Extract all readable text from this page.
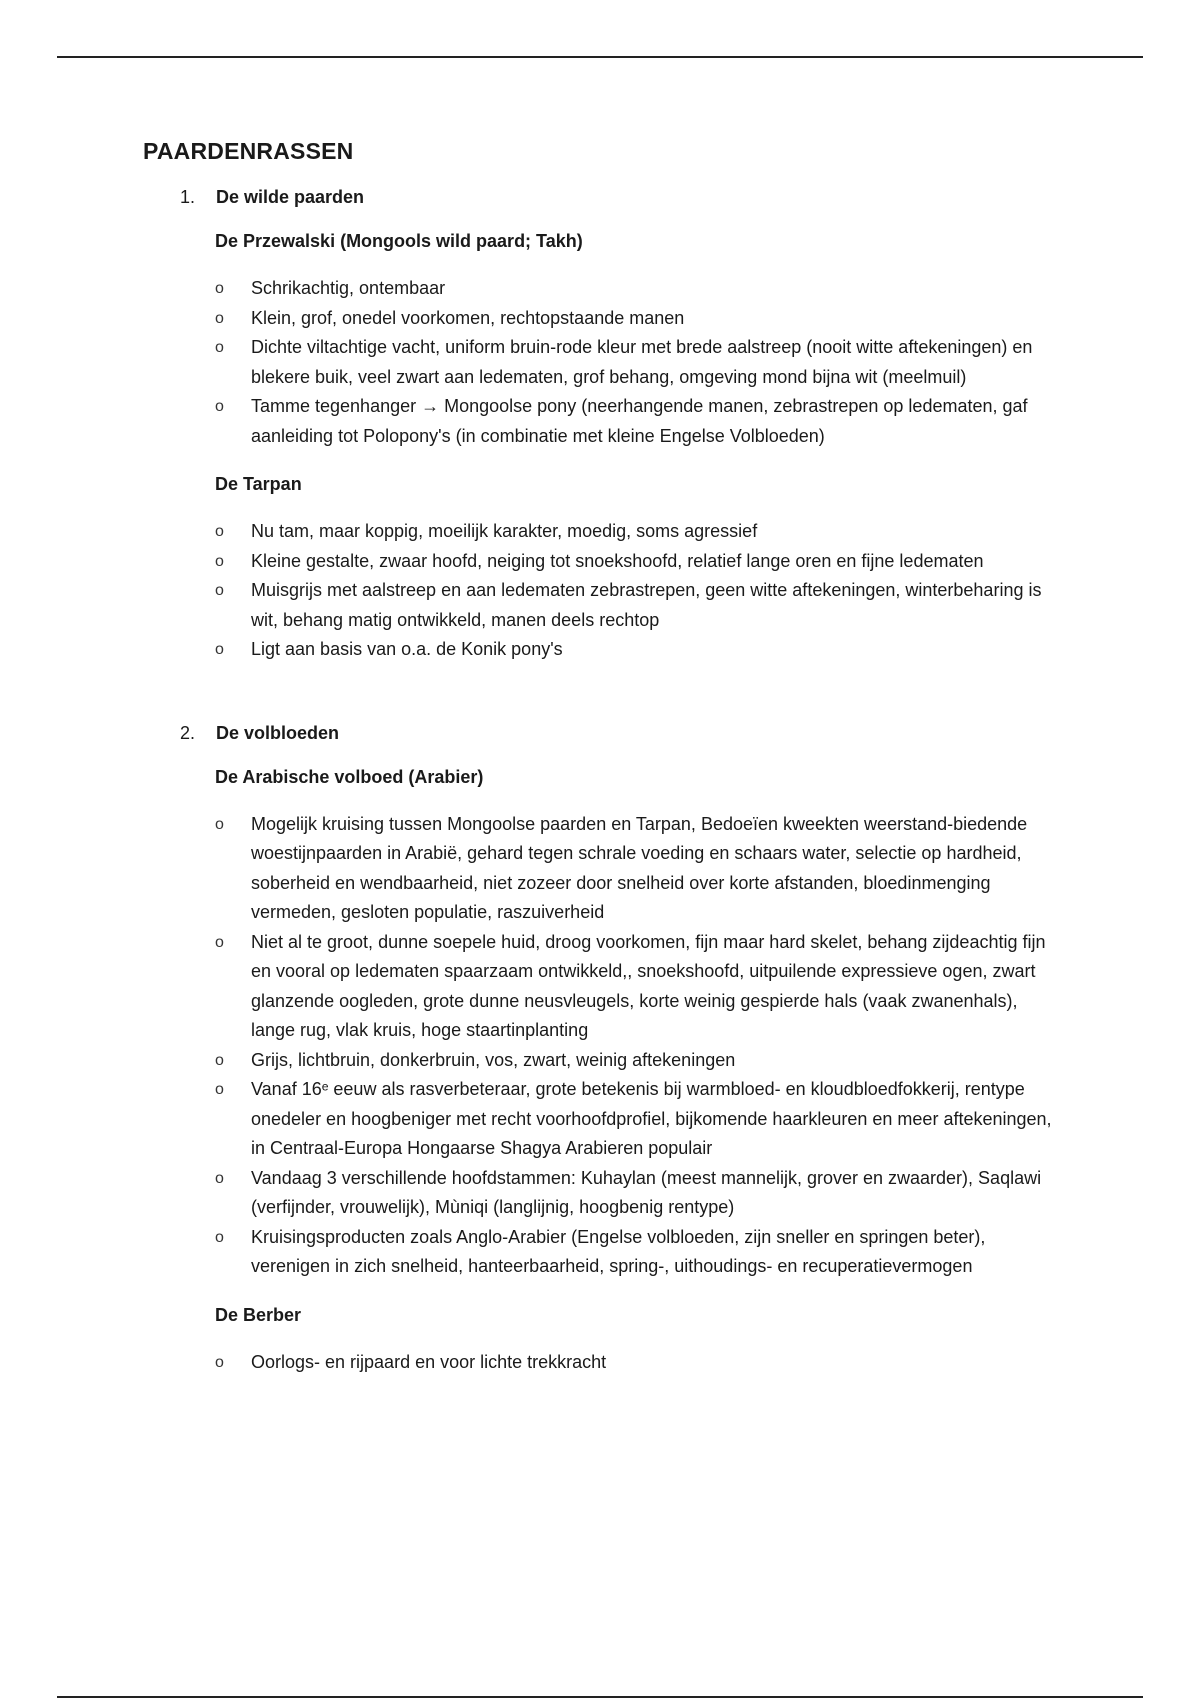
PAARDENRASSEN
1.	De wilde paarden
De Przewalski (Mongools wild paard; Takh)
o	Schrikachtig, ontembaar
o	Klein, grof, onedel voorkomen, rechtopstaande manen
o	Dichte viltachtige vacht, uniform bruin-rode kleur met brede aalstreep (nooit witte aftekeningen) en blekere buik, veel zwart aan ledematen, grof behang, omgeving mond bijna wit (meelmuil)
o	Tamme tegenhanger → Mongoolse pony (neerhangende manen, zebrastrepen op ledematen, gaf aanleiding tot Polopony's (in combinatie met kleine Engelse Volbloeden)
De Tarpan
o	Nu tam, maar koppig, moeilijk karakter, moedig, soms agressief
o	Kleine gestalte, zwaar hoofd, neiging tot snoekshoofd, relatief lange oren en fijne ledematen
o	Muisgrijs met aalstreep en aan ledematen zebrastrepen, geen witte aftekeningen, winterbeharing is wit, behang matig ontwikkeld, manen deels rechtop
o	Ligt aan basis van o.a. de Konik pony's
2.	De volbloeden
De Arabische volboed (Arabier)
o	Mogelijk kruising tussen Mongoolse paarden en Tarpan, Bedoeïen kweekten weerstand-biedende woestijnpaarden in Arabië, gehard tegen schrale voeding en schaars water, selectie op hardheid, soberheid en wendbaarheid, niet zozeer door snelheid over korte afstanden, bloedinmenging vermeden, gesloten populatie, raszuiverheid
o	Niet al te groot, dunne soepele huid, droog voorkomen, fijn maar hard skelet, behang zijdeachtig fijn en vooral op ledematen spaarzaam ontwikkeld,, snoekshoofd, uitpuilende expressieve ogen, zwart glanzende oogleden, grote dunne neusvleugels, korte weinig gespierde hals (vaak zwanenhals), lange rug, vlak kruis, hoge staartinplanting
o	Grijs, lichtbruin, donkerbruin, vos, zwart, weinig aftekeningen
o	Vanaf 16ᵉ eeuw als rasverbeteraar, grote betekenis bij warmbloed- en kloudbloedfokkerij, rentype onedeler en hoogbeniger met recht voorhoofdprofiel, bijkomende haarkleuren en meer aftekeningen, in Centraal-Europa Hongaarse Shagya Arabieren populair
o	Vandaag 3 verschillende hoofdstammen: Kuhaylan (meest mannelijk, grover en zwaarder), Saqlawi (verfijnder, vrouwelijk), Mùniqi (langlijnig, hoogbenig rentype)
o	Kruisingsproducten zoals Anglo-Arabier (Engelse volbloeden, zijn sneller en springen beter), verenigen in zich snelheid, hanteerbaarheid, spring-, uithoudings- en recuperatievermogen
De Berber
o	Oorlogs- en rijpaard en voor lichte trekkracht
